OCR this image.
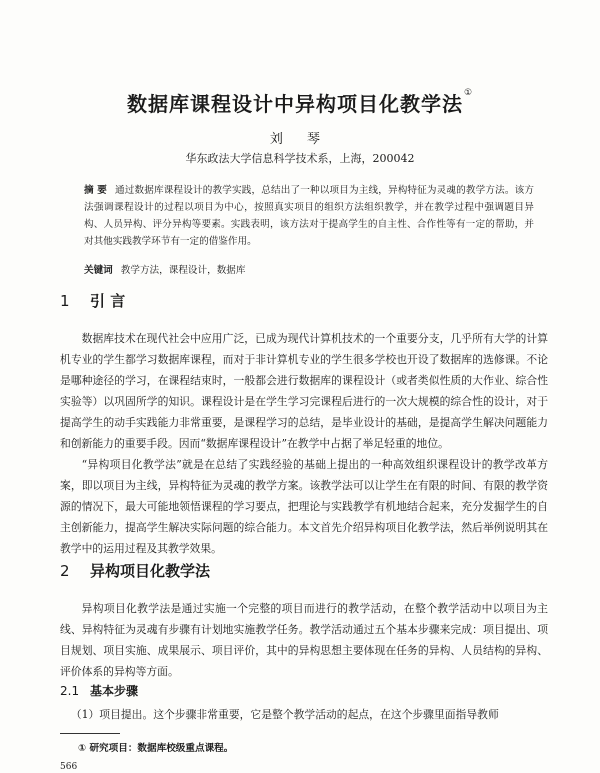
数据库课程设计中异构项目化教学法①
刘 琴
华东政法大学信息科学技术系，上海，200042
摘 要 通过数据库课程设计的教学实践，总结出了一种以项目为主线，异构特征为灵魂的教学方法。该方法强调课程设计的过程以项目为中心，按照真实项目的组织方法组织教学，并在教学过程中强调题目异构、人员异构、评分异构等要素。实践表明，该方法对于提高学生的自主性、合作性等有一定的帮助，并对其他实践教学环节有一定的借鉴作用。
关键词 教学方法，课程设计，数据库
1 引 言
数据库技术在现代社会中应用广泛，已成为现代计算机技术的一个重要分支，几乎所有大学的计算机专业的学生都学习数据库课程，而对于非计算机专业的学生很多学校也开设了数据库的选修课。不论是哪种途径的学习，在课程结束时，一般都会进行数据库的课程设计（或者类似性质的大作业、综合性实验等）以巩固所学的知识。课程设计是在学生学习完课程后进行的一次大规模的综合性的设计，对于提高学生的动手实践能力非常重要，是课程学习的总结，是毕业设计的基础，是提高学生解决问题能力和创新能力的重要手段。因而“数据库课程设计”在教学中占据了举足轻重的地位。
“异构项目化教学法”就是在总结了实践经验的基础上提出的一种高效组织课程设计的教学改革方案，即以项目为主线，异构特征为灵魂的教学方案。该教学法可以让学生在有限的时间、有限的教学资源的情况下，最大可能地领悟课程的学习要点，把理论与实践教学有机地结合起来，充分发掘学生的自主创新能力，提高学生解决实际问题的综合能力。本文首先介绍异构项目化教学法，然后举例说明其在教学中的运用过程及其教学效果。
2 异构项目化教学法
异构项目化教学法是通过实施一个完整的项目而进行的教学活动，在整个教学活动中以项目为主线、异构特征为灵魂有步骤有计划地实施教学任务。教学活动通过五个基本步骤来完成：项目提出、项目规划、项目实施、成果展示、项目评价，其中的异构思想主要体现在任务的异构、人员结构的异构、评价体系的异构等方面。
2.1 基本步骤
（1）项目提出。这个步骤非常重要，它是整个教学活动的起点，在这个步骤里面指导教师
① 研究项目：数据库校级重点课程。
566
